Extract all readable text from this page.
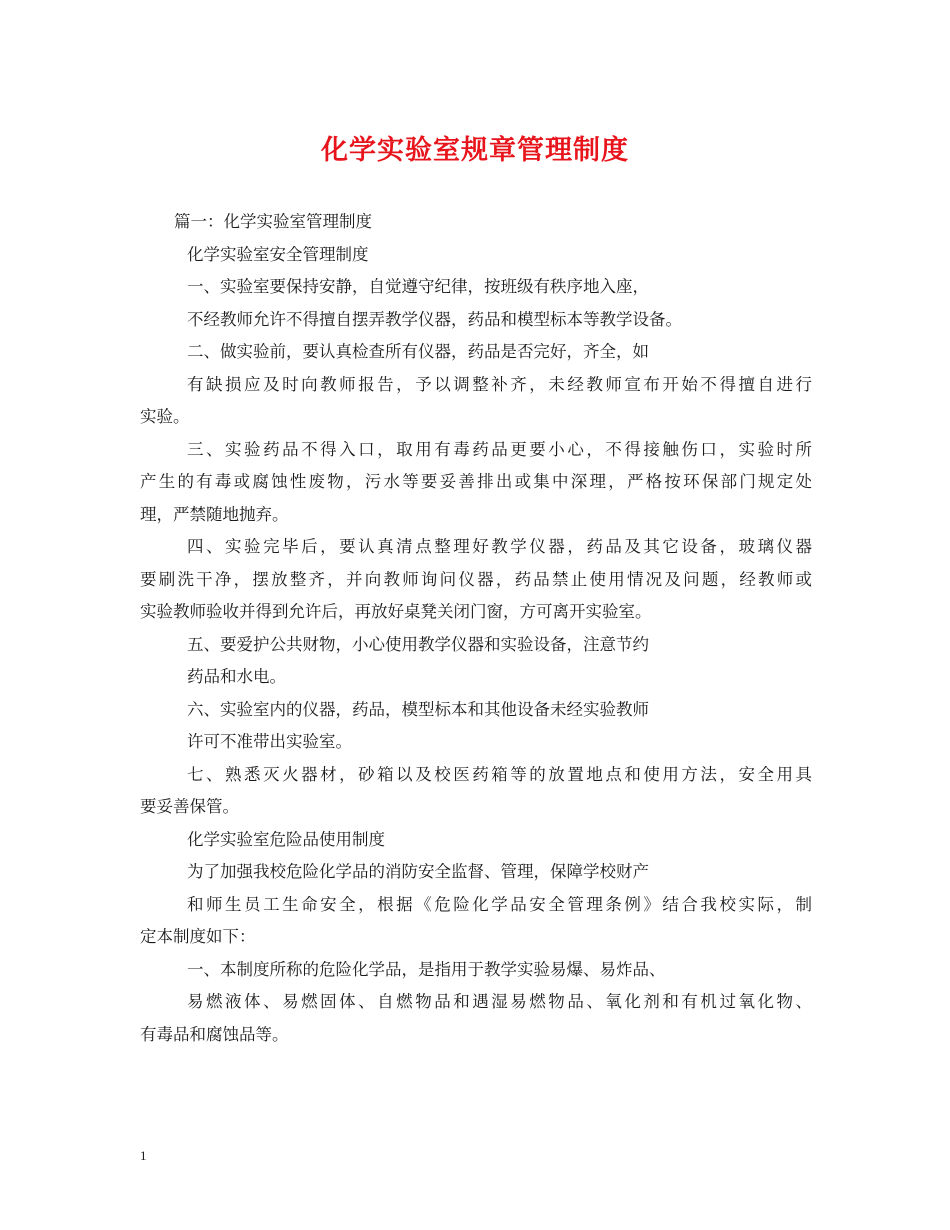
化学实验室规章管理制度
篇一：化学实验室管理制度
化学实验室安全管理制度
一、实验室要保持安静，自觉遵守纪律，按班级有秩序地入座，
不经教师允许不得擅自摆弄教学仪器，药品和模型标本等教学设备。
二、做实验前，要认真检查所有仪器，药品是否完好，齐全，如
有缺损应及时向教师报告，予以调整补齐，未经教师宣布开始不得擅自进行
实验。
三、实验药品不得入口，取用有毒药品更要小心，不得接触伤口，实验时所
产生的有毒或腐蚀性废物，污水等要妥善排出或集中深理，严格按环保部门规定处
理，严禁随地抛弃。
四、实验完毕后，要认真清点整理好教学仪器，药品及其它设备，玻璃仪器
要刷洗干净，摆放整齐，并向教师询问仪器，药品禁止使用情况及问题，经教师或
实验教师验收并得到允许后，再放好桌凳关闭门窗，方可离开实验室。
五、要爱护公共财物，小心使用教学仪器和实验设备，注意节约
药品和水电。
六、实验室内的仪器，药品，模型标本和其他设备未经实验教师
许可不准带出实验室。
七、熟悉灭火器材，砂箱以及校医药箱等的放置地点和使用方法，安全用具
要妥善保管。
化学实验室危险品使用制度
为了加强我校危险化学品的消防安全监督、管理，保障学校财产
和师生员工生命安全，根据《危险化学品安全管理条例》结合我校实际，制
定本制度如下：
一、本制度所称的危险化学品，是指用于教学实验易爆、易炸品、
易燃液体、易燃固体、自燃物品和遇湿易燃物品、氧化剂和有机过氧化物、
有毒品和腐蚀品等。
1
